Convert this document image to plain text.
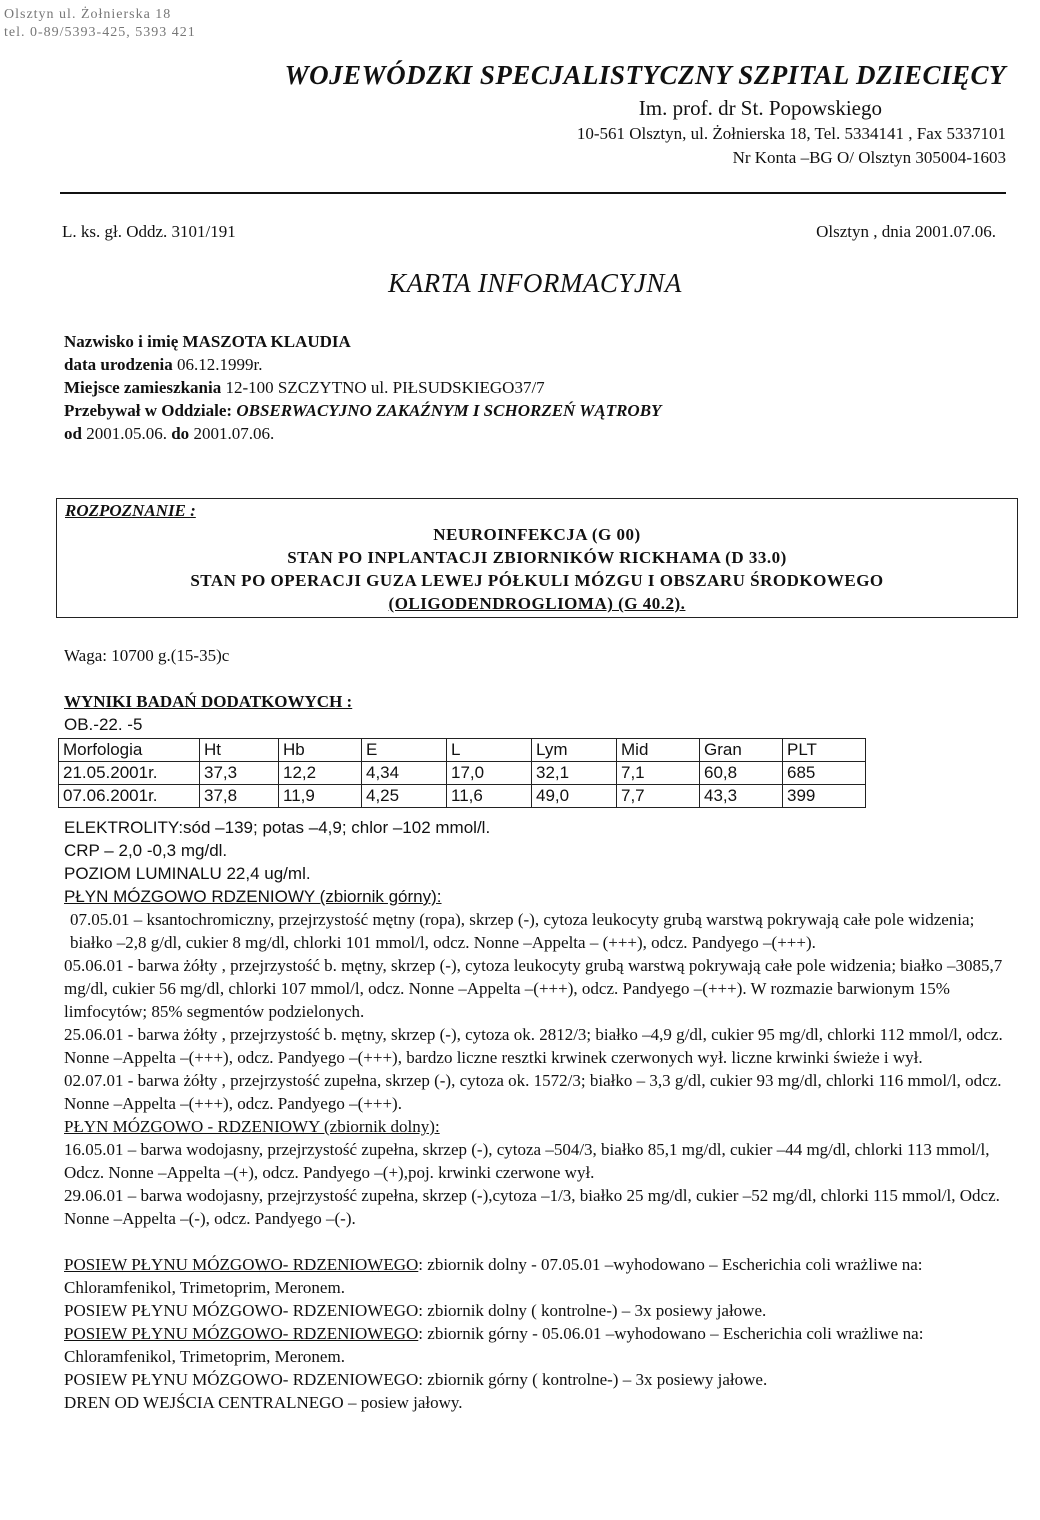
Olsztyn ul. Żołnierska 18
tel. 0-89/5393-425, 5393 421
WOJEWÓDZKI SPECJALISTYCZNY SZPITAL DZIECIĘCY
Im. prof. dr St. Popowskiego
10-561 Olsztyn, ul. Żołnierska 18, Tel. 5334141 , Fax 5337101
Nr Konta –BG O/ Olsztyn 305004-1603
L. ks. gł. Oddz. 3101/191	Olsztyn , dnia 2001.07.06.
KARTA INFORMACYJNA
Nazwisko i imię MASZOTA KLAUDIA
data urodzenia 06.12.1999r.
Miejsce zamieszkania 12-100 SZCZYTNO ul. PIŁSUDSKIEGO37/7
Przebywał w Oddziale: OBSERWACYJNO ZAKAŹNYM I SCHORZEŃ WĄTROBY
od 2001.05.06. do 2001.07.06.
ROZPOZNANIE :
NEUROINFEKCJA (G 00)
STAN PO INPLANTACJI ZBIORNIKÓW RICKHAMA (D 33.0)
STAN PO OPERACJI GUZA LEWEJ PÓŁKULI MÓZGU I OBSZARU ŚRODKOWEGO
(OLIGODENDROGLIOMA) (G 40.2).
Waga: 10700 g.(15-35)c
WYNIKI BADAŃ DODATKOWYCH :
OB.-22. -5
Morfologia	Ht	Hb	E	L	Lym	Mid	Gran	PLT
21.05.2001r.	37,3	12,2	4,34	17,0	32,1	7,1	60,8	685
07.06.2001r.	37,8	11,9	4,25	11,6	49,0	7,7	43,3	399

ELEKTROLITY:sód –139; potas –4,9; chlor –102 mmol/l.

CRP – 2,0 -0,3 mg/dl.

POZIOM LUMINALU 22,4 ug/ml.

PŁYN MÓZGOWO RDZENIOWY (zbiornik górny):

07.05.01 – ksantochromiczny, przejrzystość mętny (ropa), skrzep (-), cytoza leukocyty grubą warstwą pokrywają całe pole widzenia; białko –2,8 g/dl, cukier 8 mg/dl, chlorki 101 mmol/l, odcz. Nonne –Appelta – (+++), odcz. Pandyego –(+++).

05.06.01 - barwa żółty , przejrzystość b. mętny, skrzep (-), cytoza leukocyty grubą warstwą pokrywają całe pole widzenia; białko –3085,7 mg/dl, cukier 56 mg/dl, chlorki 107 mmol/l, odcz. Nonne –Appelta –(+++), odcz. Pandyego –(+++). W rozmazie barwionym 15% limfocytów; 85% segmentów podzielonych.

25.06.01 - barwa żółty , przejrzystość b. mętny, skrzep (-), cytoza ok. 2812/3; białko –4,9 g/dl, cukier 95 mg/dl, chlorki 112 mmol/l, odcz. Nonne –Appelta –(+++), odcz. Pandyego –(+++), bardzo liczne resztki krwinek czerwonych wył. liczne krwinki świeże i wył.

02.07.01 - barwa żółty , przejrzystość zupełna, skrzep (-), cytoza ok. 1572/3; białko – 3,3 g/dl, cukier 93 mg/dl, chlorki 116 mmol/l, odcz. Nonne –Appelta –(+++), odcz. Pandyego –(+++).

PŁYN MÓZGOWO - RDZENIOWY (zbiornik dolny):

16.05.01 – barwa wodojasny, przejrzystość zupełna, skrzep (-), cytoza –504/3, białko 85,1 mg/dl, cukier –44 mg/dl, chlorki 113 mmol/l, Odcz. Nonne –Appelta –(+), odcz. Pandyego –(+),poj. krwinki czerwone wył.

29.06.01 – barwa wodojasny, przejrzystość zupełna, skrzep (-),cytoza –1/3, białko 25 mg/dl, cukier –52 mg/dl, chlorki 115 mmol/l, Odcz. Nonne –Appelta –(-), odcz. Pandyego –(-).

POSIEW PŁYNU MÓZGOWO- RDZENIOWEGO: zbiornik dolny - 07.05.01 –wyhodowano – Escherichia coli wrażliwe na: Chloramfenikol, Trimetoprim, Meronem.

POSIEW PŁYNU MÓZGOWO- RDZENIOWEGO: zbiornik dolny ( kontrolne-) – 3x posiewy jałowe.

POSIEW PŁYNU MÓZGOWO- RDZENIOWEGO: zbiornik górny - 05.06.01 –wyhodowano – Escherichia coli wrażliwe na: Chloramfenikol, Trimetoprim, Meronem.

POSIEW PŁYNU MÓZGOWO- RDZENIOWEGO: zbiornik górny ( kontrolne-) – 3x posiewy jałowe.

DREN OD WEJŚCIA CENTRALNEGO – posiew jałowy.
